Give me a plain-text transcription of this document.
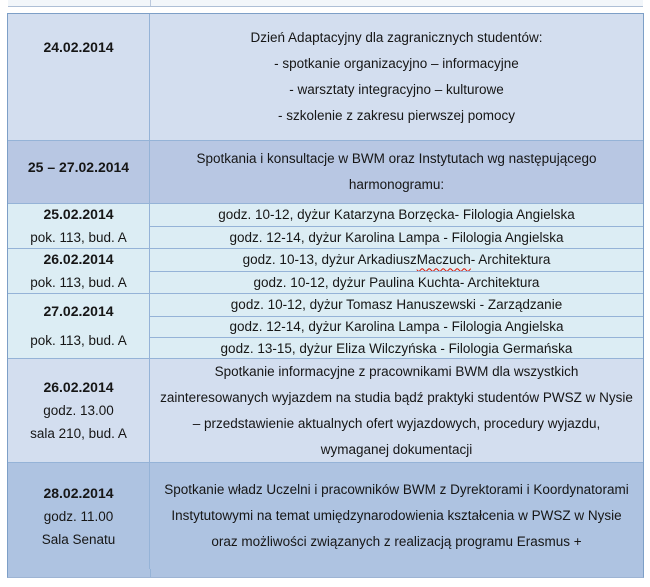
24.02.2014

Dzień Adaptacyjny dla zagranicznych studentów:

- spotkanie organizacyjno – informacyjne

- warsztaty integracyjno – kulturowe

- szkolenie z zakresu pierwszej pomocy

25 – 27.02.2014

Spotkania i konsultacje w BWM oraz Instytutach wg następującego harmonogramu:

25.02.2014
pok. 113, bud. A
godz. 10-12, dyżur Katarzyna Borzęcka- Filologia Angielska
godz. 12-14, dyżur Karolina Lampa - Filologia Angielska
26.02.2014
pok. 113, bud. A
godz. 10-13, dyżur Arkadiusz Maczuch - Architektura
godz. 10-12, dyżur Paulina Kuchta- Architektura
27.02.2014
pok. 113, bud. A
godz. 10-12, dyżur Tomasz Hanuszewski - Zarządzanie
godz. 12-14, dyżur Karolina Lampa - Filologia Angielska
godz. 13-15, dyżur Eliza Wilczyńska - Filologia Germańska
26.02.2014
godz. 13.00
sala 210, bud. A

Spotkanie informacyjne z pracownikami BWM dla wszystkich zainteresowanych wyjazdem na studia bądź praktyki studentów PWSZ w Nysie – przedstawienie aktualnych ofert wyjazdowych, procedury wyjazdu, wymaganej dokumentacji

28.02.2014
godz. 11.00
Sala Senatu

Spotkanie władz Uczelni i pracowników BWM z Dyrektorami i Koordynatorami Instytutowymi na temat umiędzynarodowienia kształcenia w PWSZ w Nysie oraz możliwości związanych z realizacją programu Erasmus +
